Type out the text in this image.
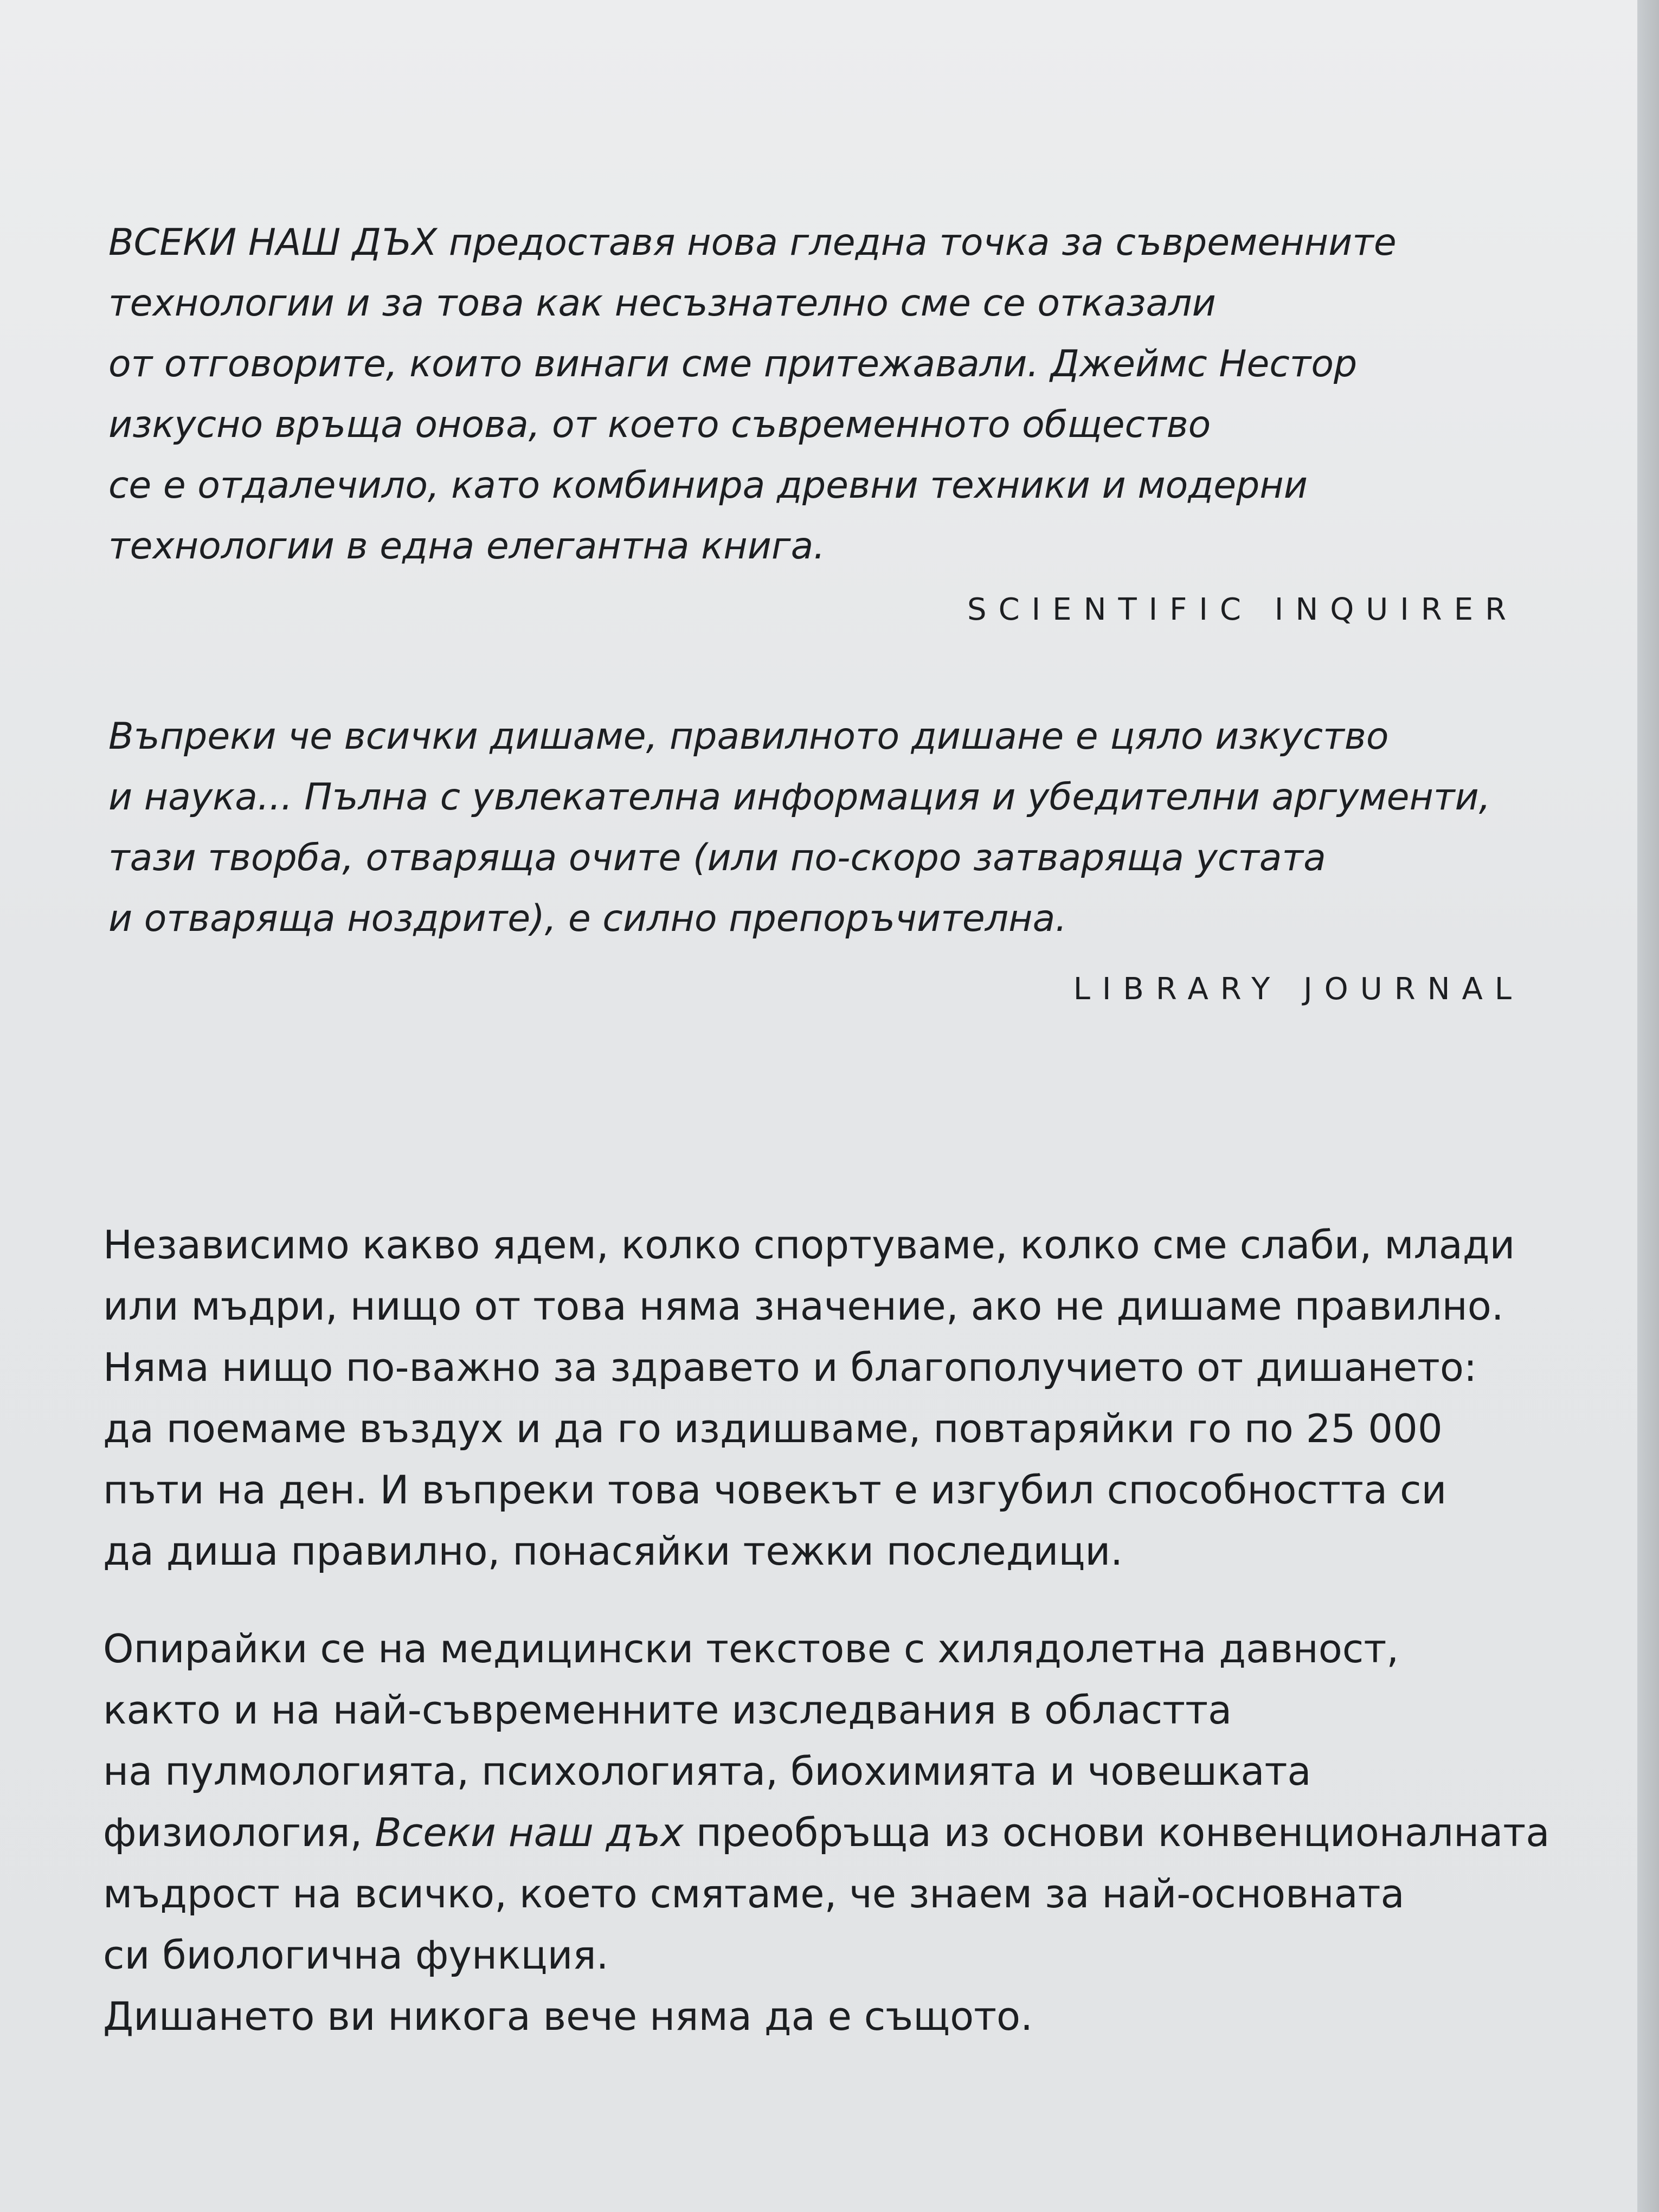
ВСЕКИ НАШ ДЪХ предоставя нова гледна точка за съвременните
технологии и за това как несъзнателно сме се отказали
от отговорите, които винаги сме притежавали. Джеймс Нестор
изкусно връща онова, от което съвременното общество
се е отдалечило, като комбинира древни техники и модерни
технологии в една елегантна книга.

SCIENTIFIC INQUIRER

Въпреки че всички дишаме, правилното дишане е цяло изкуство
и наука... Пълна с увлекателна информация и убедителни аргументи,
тази творба, отваряща очите (или по-скоро затваряща устата
и отваряща ноздрите), е силно препоръчителна.

LIBRARY JOURNAL

Независимо какво ядем, колко спортуваме, колко сме слаби, млади
или мъдри, нищо от това няма значение, ако не дишаме правилно.
Няма нищо по-важно за здравето и благополучието от дишането:
да поемаме въздух и да го издишваме, повтаряйки го по 25 000
пъти на ден. И въпреки това човекът е изгубил способността си
да диша правилно, понасяйки тежки последици.

Опирайки се на медицински текстове с хилядолетна давност,
както и на най-съвременните изследвания в областта
на пулмологията, психологията, биохимията и човешката
физиология, Всеки наш дъх преобръща из основи конвенционалната
мъдрост на всичко, което смятаме, че знаем за най-основната
си биологична функция.
Дишането ви никога вече няма да е същото.
